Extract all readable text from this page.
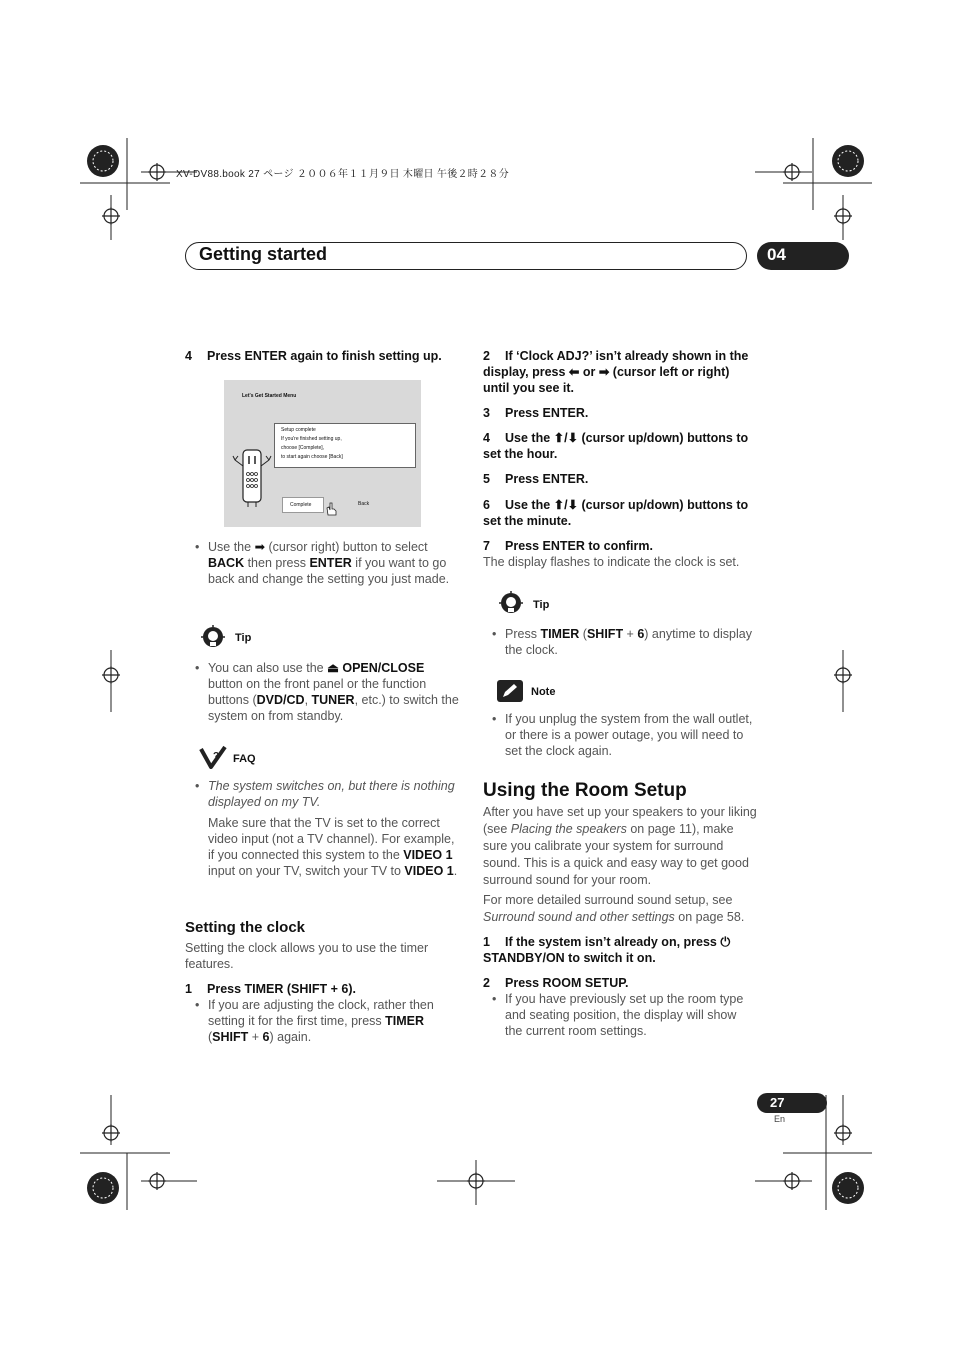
XV-DV88.book 27 ページ ２００６年１１月９日 木曜日 午後２時２８分
Getting started	04
4 Press ENTER again to finish setting up.
Let's Get Started Menu
Setup complete
If you're finished setting up,
choose [Complete],
to start again choose [Back]
Complete	Back
• Use the ➡ (cursor right) button to select BACK then press ENTER if you want to go back and change the setting you just made.
Tip
• You can also use the ⏏ OPEN/CLOSE button on the front panel or the function buttons (DVD/CD, TUNER, etc.) to switch the system on from standby.
? FAQ
• The system switches on, but there is nothing displayed on my TV.
Make sure that the TV is set to the correct video input (not a TV channel). For example, if you connected this system to the VIDEO 1 input on your TV, switch your TV to VIDEO 1.
Setting the clock
Setting the clock allows you to use the timer features.
1 Press TIMER (SHIFT + 6).
• If you are adjusting the clock, rather then setting it for the first time, press TIMER (SHIFT + 6) again.
2 If ‘Clock ADJ?’ isn’t already shown in the display, press ⬅ or ➡ (cursor left or right) until you see it.
3 Press ENTER.
4 Use the ⬆/⬇ (cursor up/down) buttons to set the hour.
5 Press ENTER.
6 Use the ⬆/⬇ (cursor up/down) buttons to set the minute.
7 Press ENTER to confirm.
The display flashes to indicate the clock is set.
Tip
• Press TIMER (SHIFT + 6) anytime to display the clock.
Note
• If you unplug the system from the wall outlet, or there is a power outage, you will need to set the clock again.
Using the Room Setup
After you have set up your speakers to your liking (see Placing the speakers on page 11), make sure you calibrate your system for surround sound. This is a quick and easy way to get good surround sound for your room.
For more detailed surround sound setup, see Surround sound and other settings on page 58.
1 If the system isn’t already on, press ⏻ STANDBY/ON to switch it on.
2 Press ROOM SETUP.
• If you have previously set up the room type and seating position, the display will show the current room settings.
27
En
